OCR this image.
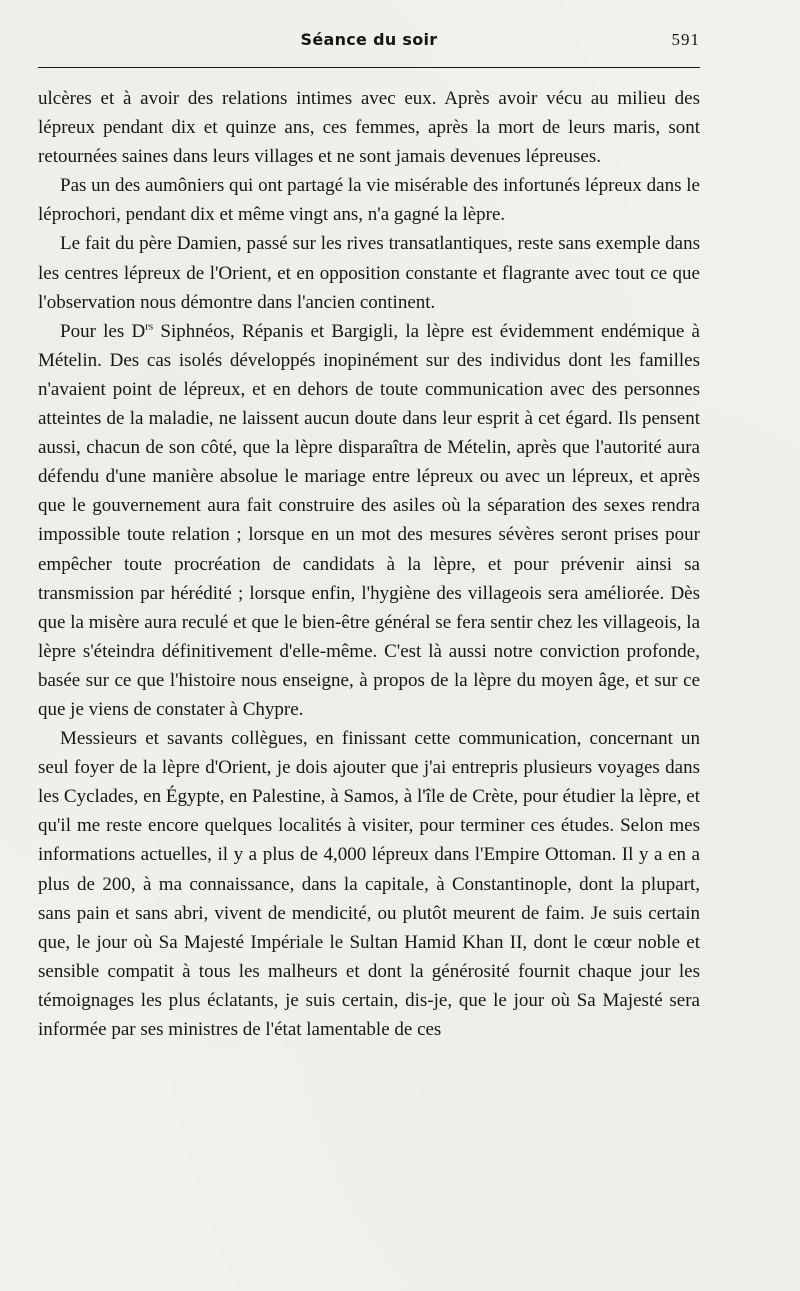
Séance du soir	591

ulcères et à avoir des relations intimes avec eux. Après avoir vécu au milieu des lépreux pendant dix et quinze ans, ces femmes, après la mort de leurs maris, sont retournées saines dans leurs villages et ne sont jamais devenues lépreuses.

Pas un des aumôniers qui ont partagé la vie misérable des infortunés lépreux dans le léprochori, pendant dix et même vingt ans, n'a gagné la lèpre.

Le fait du père Damien, passé sur les rives transatlantiques, reste sans exemple dans les centres lépreux de l'Orient, et en opposition constante et flagrante avec tout ce que l'observation nous démontre dans l'ancien continent.

Pour les $D^{rs}$ Siphnéos, Répanis et Bargigli, la lèpre est évidemment endémique à Mételin. Des cas isolés développés inopinément sur des individus dont les familles n'avaient point de lépreux, et en dehors de toute communication avec des personnes atteintes de la maladie, ne laissent aucun doute dans leur esprit à cet égard. Ils pensent aussi, chacun de son côté, que la lèpre disparaîtra de Mételin, après que l'autorité aura défendu d'une manière absolue le mariage entre lépreux ou avec un lépreux, et après que le gouvernement aura fait construire des asiles où la séparation des sexes rendra impossible toute relation ; lorsque en un mot des mesures sévères seront prises pour empêcher toute procréation de candidats à la lèpre, et pour prévenir ainsi sa transmission par hérédité ; lorsque enfin, l'hygiène des villageois sera améliorée. Dès que la misère aura reculé et que le bien-être général se fera sentir chez les villageois, la lèpre s'éteindra définitivement d'elle-même. C'est là aussi notre conviction profonde, basée sur ce que l'histoire nous enseigne, à propos de la lèpre du moyen âge, et sur ce que je viens de constater à Chypre.

Messieurs et savants collègues, en finissant cette communication, concernant un seul foyer de la lèpre d'Orient, je dois ajouter que j'ai entrepris plusieurs voyages dans les Cyclades, en Égypte, en Palestine, à Samos, à l'île de Crète, pour étudier la lèpre, et qu'il me reste encore quelques localités à visiter, pour terminer ces études. Selon mes informations actuelles, il y a plus de 4,000 lépreux dans l'Empire Ottoman. Il y a en a plus de 200, à ma connaissance, dans la capitale, à Constantinople, dont la plupart, sans pain et sans abri, vivent de mendicité, ou plutôt meurent de faim. Je suis certain que, le jour où Sa Majesté Impériale le Sultan Hamid Khan II, dont le cœur noble et sensible compatit à tous les malheurs et dont la générosité fournit chaque jour les témoignages les plus éclatants, je suis certain, dis-je, que le jour où Sa Majesté sera informée par ses ministres de l'état lamentable de ces
